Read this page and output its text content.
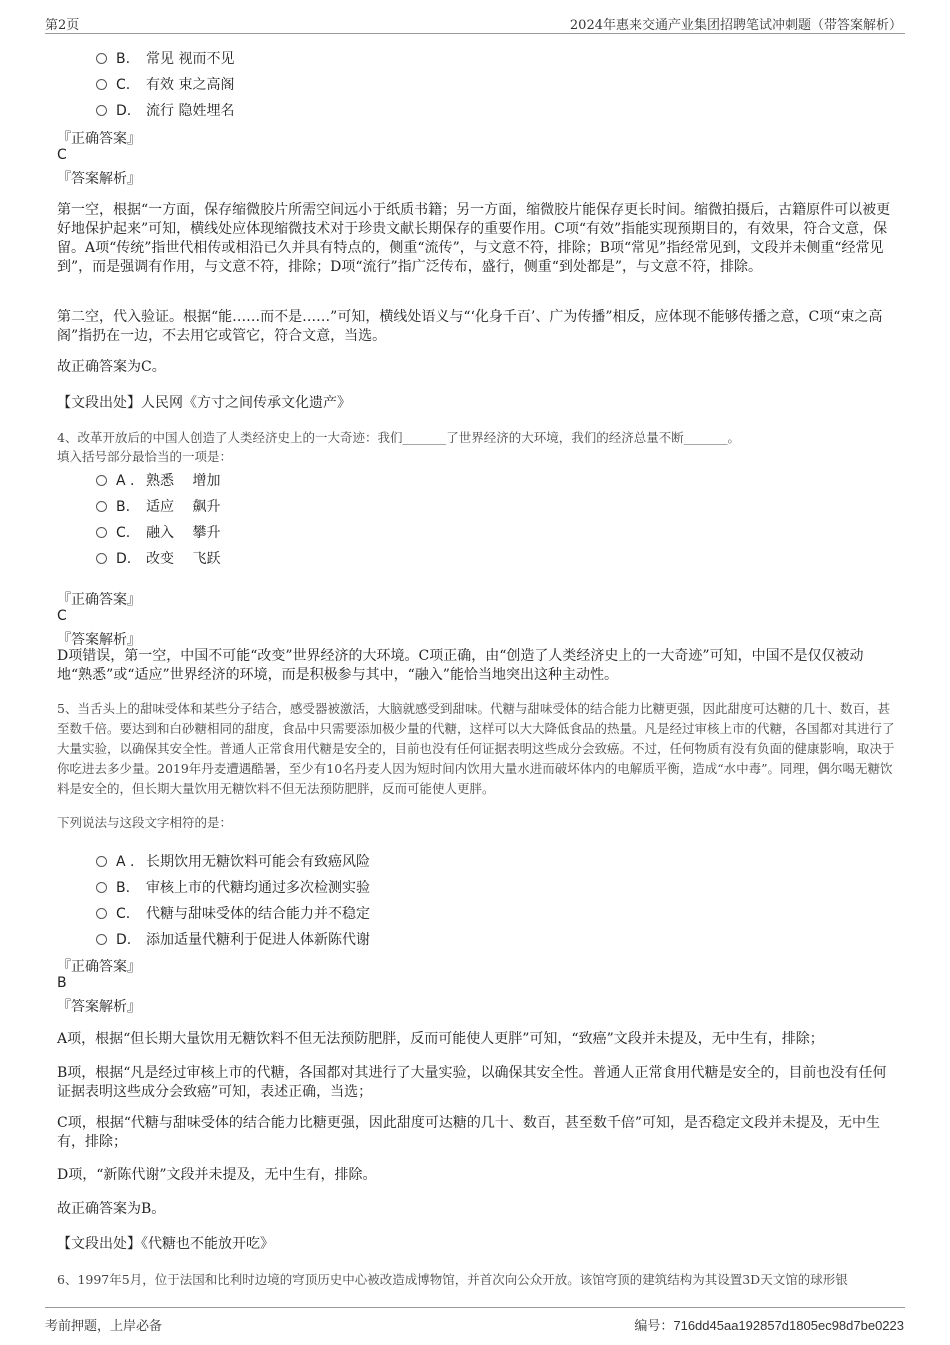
第2页	2024年惠来交通产业集团招聘笔试冲刺题（带答案解析）
B. 常见 视而不见
C. 有效 束之高阁
D. 流行 隐姓埋名
『正确答案』
C
『答案解析』
第一空，根据“一方面，保存缩微胶片所需空间远小于纸质书籍；另一方面，缩微胶片能保存更长时间。缩微拍摄后，古籍原件可以被更好地保护起来”可知，横线处应体现缩微技术对于珍贵文献长期保存的重要作用。C项“有效”指能实现预期目的，有效果，符合文意，保留。A项“传统”指世代相传或相沿已久并具有特点的，侧重“流传”，与文意不符，排除；B项“常见”指经常见到，文段并未侧重“经常见到”，而是强调有作用，与文意不符，排除；D项“流行”指广泛传布，盛行，侧重“到处都是”，与文意不符，排除。
第二空，代入验证。根据“能……而不是……”可知，横线处语义与“‘化身千百’、广为传播”相反，应体现不能够传播之意，C项“束之高阁”指扔在一边，不去用它或管它，符合文意，当选。
故正确答案为C。
【文段出处】人民网《方寸之间传承文化遗产》
4、改革开放后的中国人创造了人类经济史上的一大奇迹：我们_______了世界经济的大环境，我们的经济总量不断_______。
填入括号部分最恰当的一项是：
A . 熟悉　 增加
B. 适应　 飙升
C. 融入　 攀升
D. 改变　 飞跃
『正确答案』
C
『答案解析』
D项错误，第一空，中国不可能“改变”世界经济的大环境。C项正确，由“创造了人类经济史上的一大奇迹”可知，中国不是仅仅被动地“熟悉”或“适应”世界经济的环境，而是积极参与其中，“融入”能恰当地突出这种主动性。
5、当舌头上的甜味受体和某些分子结合，感受器被激活，大脑就感受到甜味。代糖与甜味受体的结合能力比糖更强，因此甜度可达糖的几十、数百，甚至数千倍。要达到和白砂糖相同的甜度，食品中只需要添加极少量的代糖，这样可以大大降低食品的热量。凡是经过审核上市的代糖，各国都对其进行了大量实验，以确保其安全性。普通人正常食用代糖是安全的，目前也没有任何证据表明这些成分会致癌。不过，任何物质有没有负面的健康影响，取决于你吃进去多少量。2019年丹麦遭遇酷暑，至少有10名丹麦人因为短时间内饮用大量水进而破坏体内的电解质平衡，造成“水中毒”。同理，偶尔喝无糖饮料是安全的，但长期大量饮用无糖饮料不但无法预防肥胖，反而可能使人更胖。
下列说法与这段文字相符的是：
A . 长期饮用无糖饮料可能会有致癌风险
B. 审核上市的代糖均通过多次检测实验
C. 代糖与甜味受体的结合能力并不稳定
D. 添加适量代糖利于促进人体新陈代谢
『正确答案』
B
『答案解析』
A项，根据“但长期大量饮用无糖饮料不但无法预防肥胖，反而可能使人更胖”可知，“致癌”文段并未提及，无中生有，排除；
B项，根据“凡是经过审核上市的代糖，各国都对其进行了大量实验，以确保其安全性。普通人正常食用代糖是安全的，目前也没有任何证据表明这些成分会致癌”可知，表述正确，当选；
C项，根据“代糖与甜味受体的结合能力比糖更强，因此甜度可达糖的几十、数百，甚至数千倍”可知，是否稳定文段并未提及，无中生有，排除；
D项，“新陈代谢”文段并未提及，无中生有，排除。
故正确答案为B。
【文段出处】《代糖也不能放开吃》
6、1997年5月，位于法国和比利时边境的穹顶历史中心被改造成博物馆，并首次向公众开放。该馆穹顶的建筑结构为其设置3D天文馆的球形银
考前押题，上岸必备	编号：716dd45aa192857d1805ec98d7be0223
